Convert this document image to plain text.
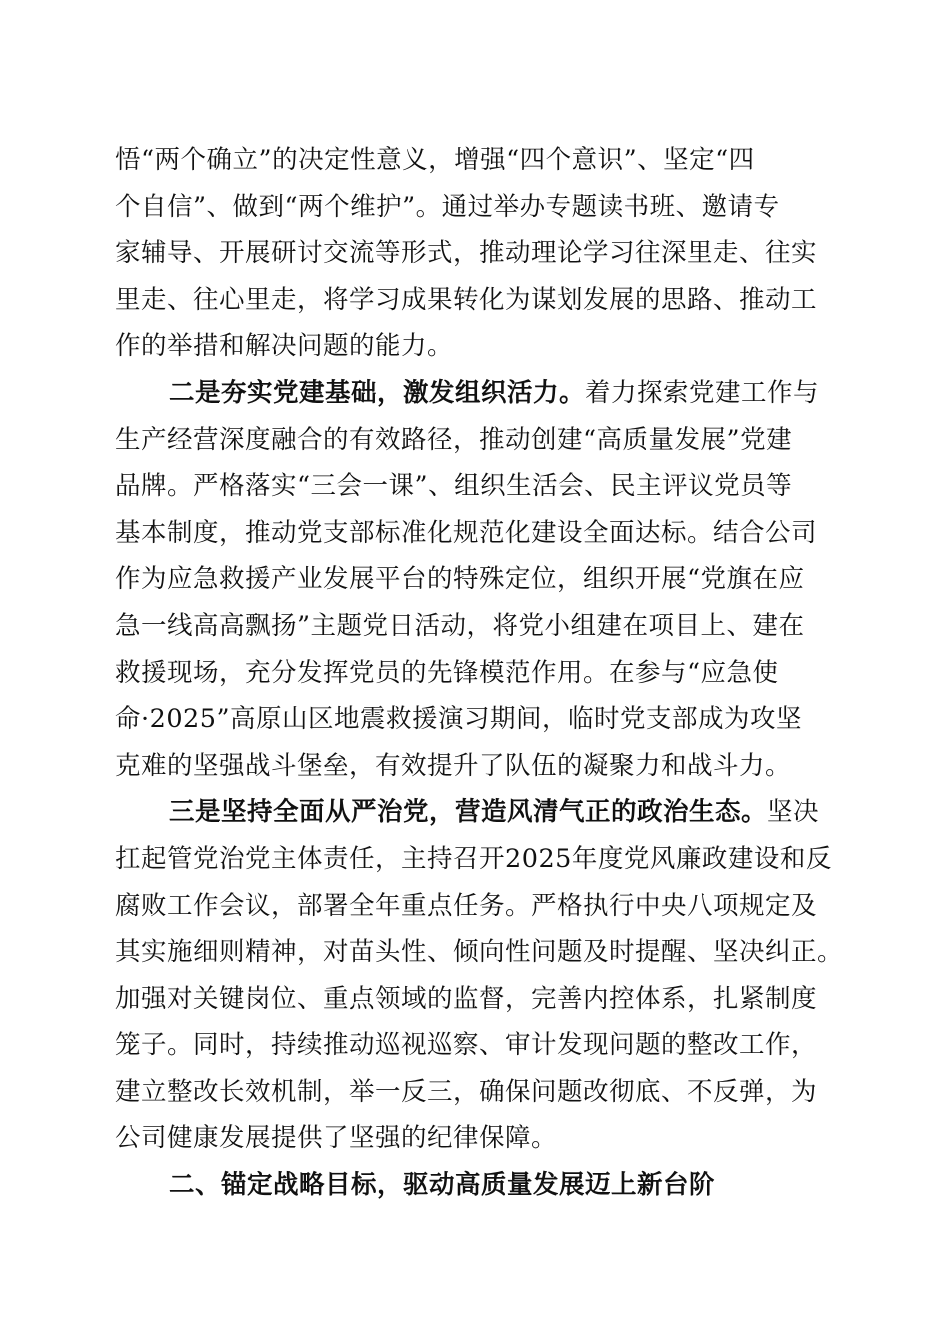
悟“两个确立”的决定性意义，增强“四个意识”、坚定“四
个自信”、做到“两个维护”。通过举办专题读书班、邀请专
家辅导、开展研讨交流等形式，推动理论学习往深里走、往实
里走、往心里走，将学习成果转化为谋划发展的思路、推动工
作的举措和解决问题的能力。
二是夯实党建基础，激发组织活力。着力探索党建工作与
生产经营深度融合的有效路径，推动创建“高质量发展”党建
品牌。严格落实“三会一课”、组织生活会、民主评议党员等
基本制度，推动党支部标准化规范化建设全面达标。结合公司
作为应急救援产业发展平台的特殊定位，组织开展“党旗在应
急一线高高飘扬”主题党日活动，将党小组建在项目上、建在
救援现场，充分发挥党员的先锋模范作用。在参与“应急使
命·2025”高原山区地震救援演习期间，临时党支部成为攻坚
克难的坚强战斗堡垒，有效提升了队伍的凝聚力和战斗力。
三是坚持全面从严治党，营造风清气正的政治生态。坚决
扛起管党治党主体责任，主持召开2025年度党风廉政建设和反
腐败工作会议，部署全年重点任务。严格执行中央八项规定及
其实施细则精神，对苗头性、倾向性问题及时提醒、坚决纠正。
加强对关键岗位、重点领域的监督，完善内控体系，扎紧制度
笼子。同时，持续推动巡视巡察、审计发现问题的整改工作，
建立整改长效机制，举一反三，确保问题改彻底、不反弹，为
公司健康发展提供了坚强的纪律保障。
二、锚定战略目标，驱动高质量发展迈上新台阶
